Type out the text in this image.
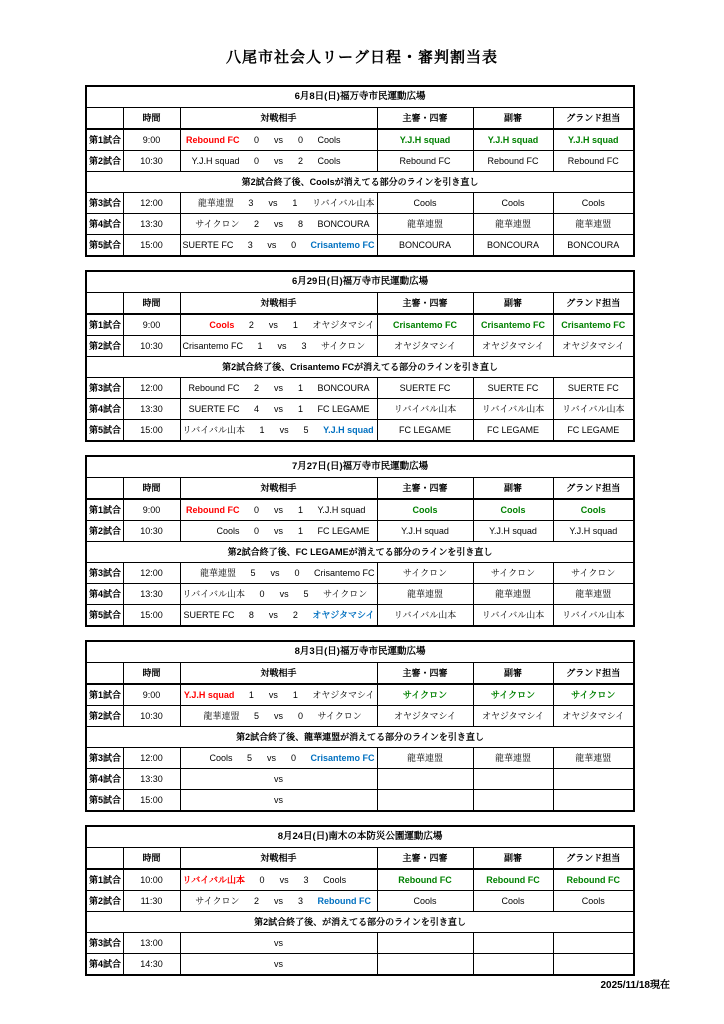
八尾市社会人リーグ日程・審判割当表
6月8日(日)福万寺市民運動広場					
	時間	対戦相手	主審・四審	副審	グランド担当
第1試合	9:00	Rebound FC 0 vs 0 Cools	Y.J.H squad	Y.J.H squad	Y.J.H squad
第2試合	10:30	Y.J.H squad 0 vs 2 Cools	Rebound FC	Rebound FC	Rebound FC
第2試合終了後、Coolsが消えてる部分のラインを引き直し					
第3試合	12:00	龍華連盟 3 vs 1 リバイバル山本	Cools	Cools	Cools
第4試合	13:30	サイクロン 2 vs 8 BONCOURA	龍華連盟	龍華連盟	龍華連盟
第5試合	15:00	SUERTE FC 3 vs 0 Crisantemo FC	BONCOURA	BONCOURA	BONCOURA
6月29日(日)福万寺市民運動広場					
	時間	対戦相手	主審・四審	副審	グランド担当
第1試合	9:00	Cools 2 vs 1 オヤジタマシイ	Crisantemo FC	Crisantemo FC	Crisantemo FC
第2試合	10:30	Crisantemo FC 1 vs 3 サイクロン	オヤジタマシイ	オヤジタマシイ	オヤジタマシイ
第2試合終了後、Crisantemo FCが消えてる部分のラインを引き直し					
第3試合	12:00	Rebound FC 2 vs 1 BONCOURA	SUERTE FC	SUERTE FC	SUERTE FC
第4試合	13:30	SUERTE FC 4 vs 1 FC LEGAME	リバイバル山本	リバイバル山本	リバイバル山本
第5試合	15:00	リバイバル山本 1 vs 5 Y.J.H squad	FC LEGAME	FC LEGAME	FC LEGAME
7月27日(日)福万寺市民運動広場					
	時間	対戦相手	主審・四審	副審	グランド担当
第1試合	9:00	Rebound FC 0 vs 1 Y.J.H squad	Cools	Cools	Cools
第2試合	10:30	Cools 0 vs 1 FC LEGAME	Y.J.H squad	Y.J.H squad	Y.J.H squad
第2試合終了後、FC LEGAMEが消えてる部分のラインを引き直し					
第3試合	12:00	龍華連盟 5 vs 0 Crisantemo FC	サイクロン	サイクロン	サイクロン
第4試合	13:30	リバイバル山本 0 vs 5 サイクロン	龍華連盟	龍華連盟	龍華連盟
第5試合	15:00	SUERTE FC 8 vs 2 オヤジタマシイ	リバイバル山本	リバイバル山本	リバイバル山本
8月3日(日)福万寺市民運動広場					
	時間	対戦相手	主審・四審	副審	グランド担当
第1試合	9:00	Y.J.H squad 1 vs 1 オヤジタマシイ	サイクロン	サイクロン	サイクロン
第2試合	10:30	龍華連盟 5 vs 0 サイクロン	オヤジタマシイ	オヤジタマシイ	オヤジタマシイ
第2試合終了後、龍華連盟が消えてる部分のラインを引き直し					
第3試合	12:00	Cools 5 vs 0 Crisantemo FC	龍華連盟	龍華連盟	龍華連盟
第4試合	13:30	vs			

第5試合	15:00	vs			

8月24日(日)南木の本防災公園運動広場					
	時間	対戦相手	主審・四審	副審	グランド担当
第1試合	10:00	リバイバル山本 0 vs 3 Cools	Rebound FC	Rebound FC	Rebound FC
第2試合	11:30	サイクロン 2 vs 3 Rebound FC	Cools	Cools	Cools
第2試合終了後、が消えてる部分のラインを引き直し					
第3試合	13:00	vs			

第4試合	14:30	vs			

2025/11/18現在
